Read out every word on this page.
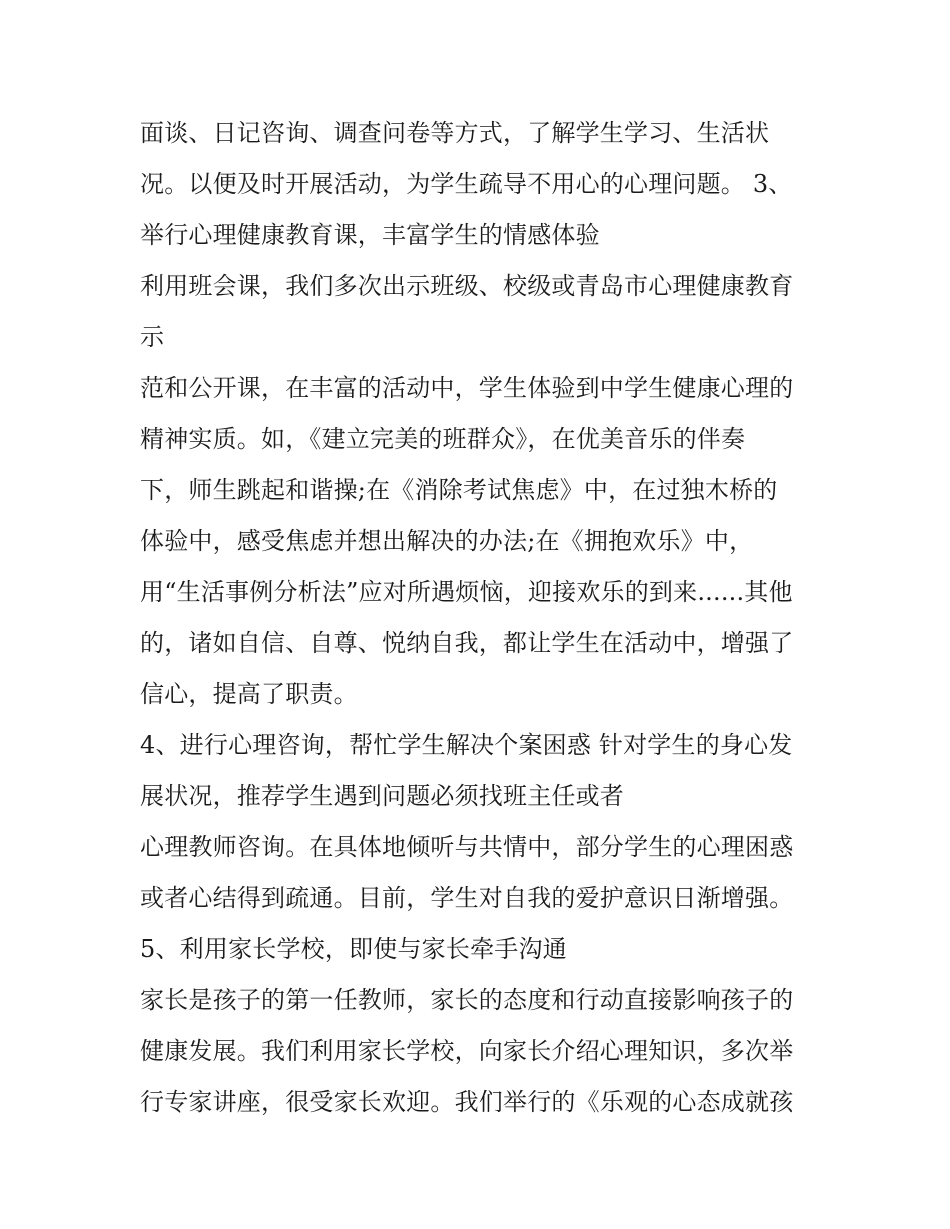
面谈、日记咨询、调查问卷等方式，了解学生学习、生活状
况。以便及时开展活动，为学生疏导不用心的心理问题。 3、
举行心理健康教育课，丰富学生的情感体验
利用班会课，我们多次出示班级、校级或青岛市心理健康教育
示
范和公开课，在丰富的活动中，学生体验到中学生健康心理的
精神实质。如，《建立完美的班群众》，在优美音乐的伴奏
下，师生跳起和谐操;在《消除考试焦虑》中，在过独木桥的
体验中，感受焦虑并想出解决的办法;在《拥抱欢乐》中，
用“生活事例分析法”应对所遇烦恼，迎接欢乐的到来......其他
的，诸如自信、自尊、悦纳自我，都让学生在活动中，增强了
信心，提高了职责。
4、进行心理咨询，帮忙学生解决个案困惑 针对学生的身心发
展状况，推荐学生遇到问题必须找班主任或者
心理教师咨询。在具体地倾听与共情中，部分学生的心理困惑
或者心结得到疏通。目前，学生对自我的爱护意识日渐增强。
5、利用家长学校，即使与家长牵手沟通
家长是孩子的第一任教师，家长的态度和行动直接影响孩子的
健康发展。我们利用家长学校，向家长介绍心理知识，多次举
行专家讲座，很受家长欢迎。我们举行的《乐观的心态成就孩
